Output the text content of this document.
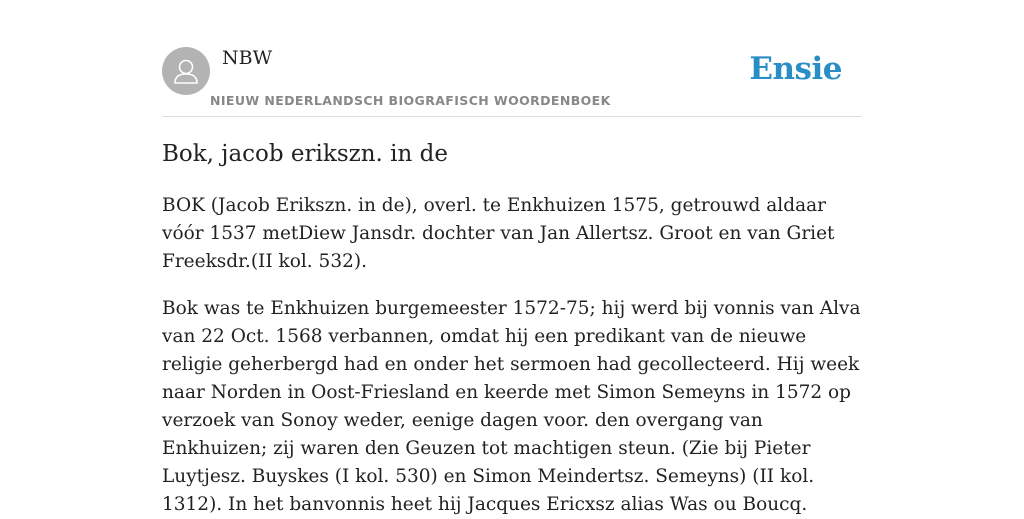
NBW
NIEUW NEDERLANDSCH BIOGRAFISCH WOORDENBOEK
Ensie
Bok, jacob erikszn. in de

BOK (Jacob Erikszn. in de), overl. te Enkhuizen 1575, getrouwd aldaar vóór 1537 metDiew Jansdr. dochter van Jan Allertsz. Groot en van Griet Freeksdr.(II kol. 532).

Bok was te Enkhuizen burgemeester 1572-75; hij werd bij vonnis van Alva van 22 Oct. 1568 verbannen, omdat hij een predikant van de nieuwe religie geherbergd had en onder het sermoen had gecollecteerd. Hij week naar Norden in Oost-Friesland en keerde met Simon Semeyns in 1572 op verzoek van Sonoy weder, eenige dagen voor. den overgang van Enkhuizen; zij waren den Geuzen tot machtigen steun. (Zie bij Pieter Luytjesz. Buyskes (I kol. 530) en Simon Meindertsz. Semeyns) (II kol. 1312). In het banvonnis heet hij Jacques Ericxsz alias Was ou Boucq.
